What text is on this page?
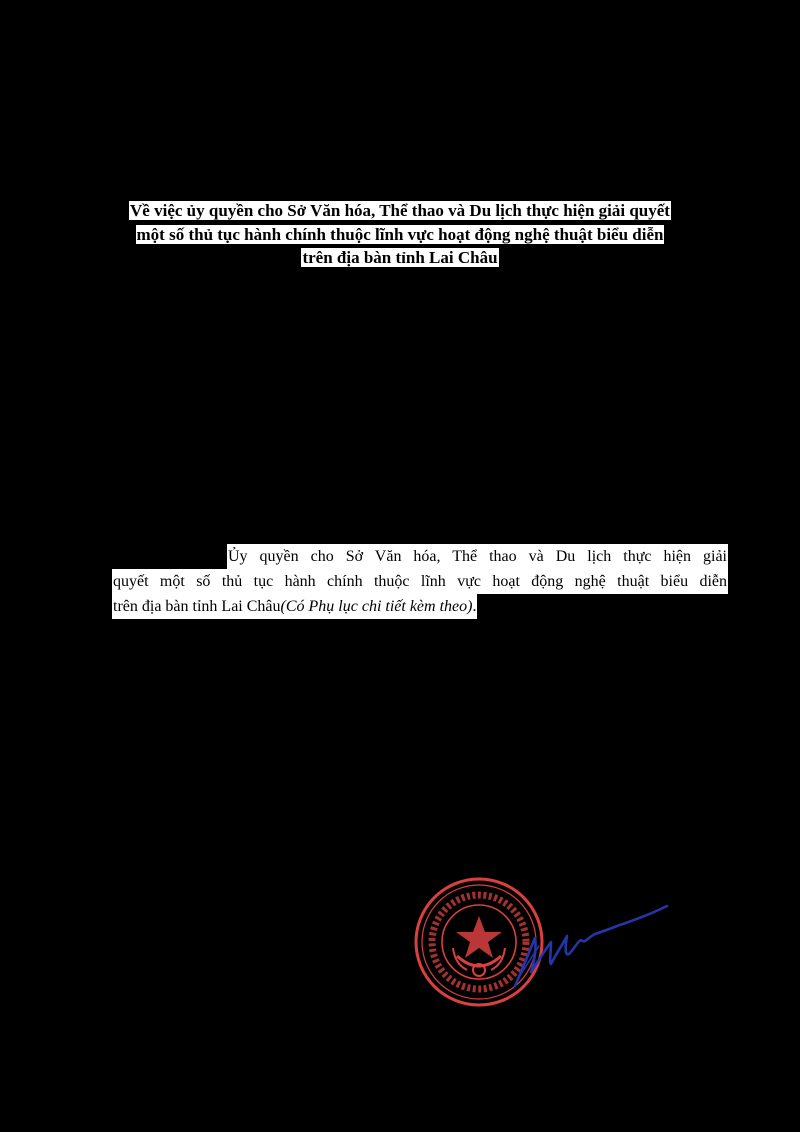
Về việc ủy quyền cho Sở Văn hóa, Thể thao và Du lịch thực hiện giải quyết
một số thủ tục hành chính thuộc lĩnh vực hoạt động nghệ thuật biểu diễn
trên địa bàn tỉnh Lai Châu
Ủy quyền cho Sở Văn hóa, Thể thao và Du lịch thực hiện giải
quyết một số thủ tục hành chính thuộc lĩnh vực hoạt động nghệ thuật biểu diễn
trên địa bàn tỉnh Lai Châu(Có Phụ lục chi tiết kèm theo).
